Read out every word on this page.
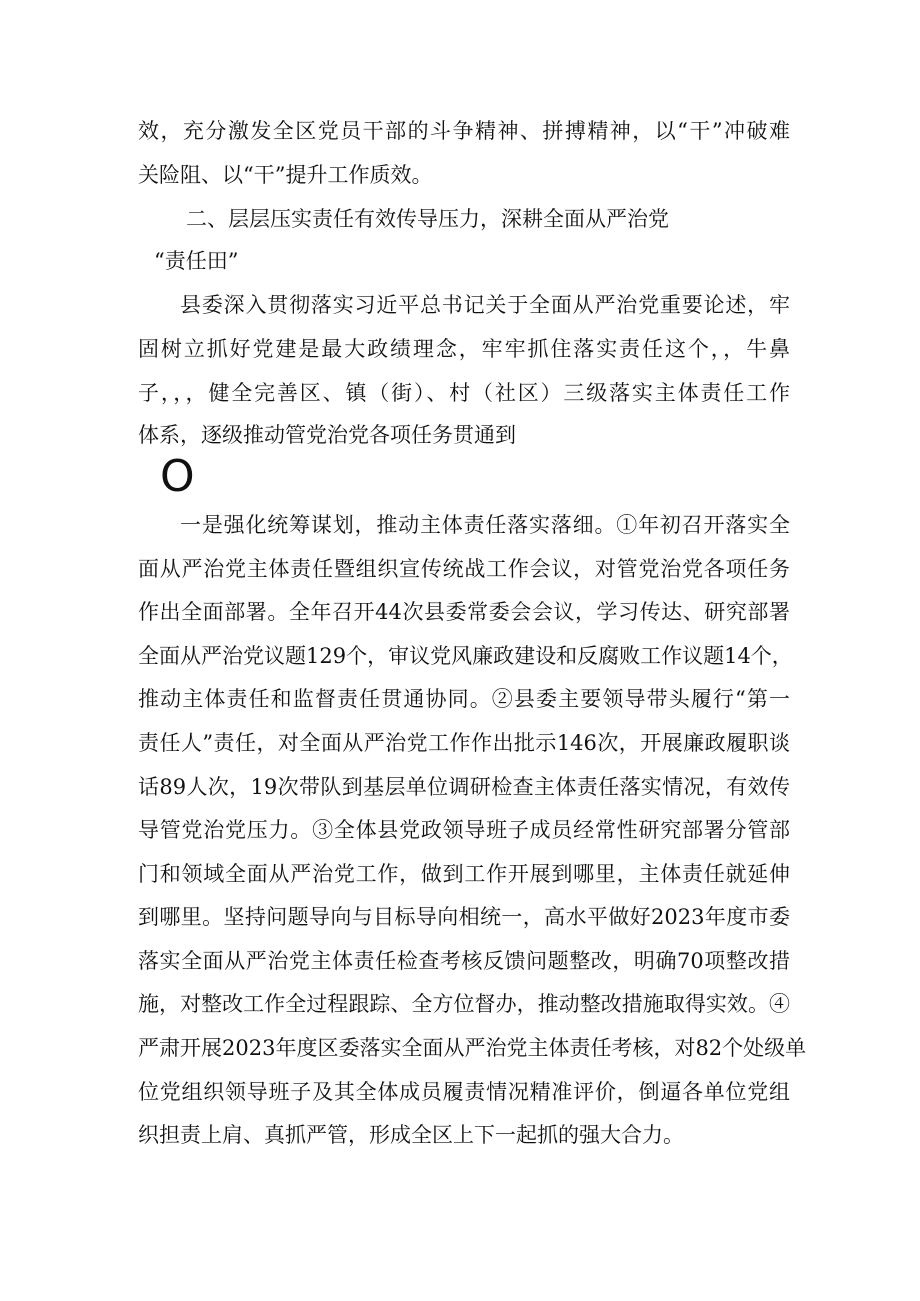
效，充分激发全区党员干部的斗争精神、拼搏精神，以“干”冲破难
关险阻、以“干”提升工作质效。
二、层层压实责任有效传导压力，深耕全面从严治党
“责任田”
县委深入贯彻落实习近平总书记关于全面从严治党重要论述，牢
固树立抓好党建是最大政绩理念，牢牢抓住落实责任这个，，牛鼻
子，，，健全完善区、镇（街）、村（社区）三级落实主体责任工作
体系，逐级推动管党治党各项任务贯通到
O
一是强化统筹谋划，推动主体责任落实落细。①年初召开落实全
面从严治党主体责任暨组织宣传统战工作会议，对管党治党各项任务
作出全面部署。全年召开44次县委常委会会议，学习传达、研究部署
全面从严治党议题129个，审议党风廉政建设和反腐败工作议题14个，
推动主体责任和监督责任贯通协同。②县委主要领导带头履行“第一
责任人”责任，对全面从严治党工作作出批示146次，开展廉政履职谈
话89人次，19次带队到基层单位调研检查主体责任落实情况，有效传
导管党治党压力。③全体县党政领导班子成员经常性研究部署分管部
门和领域全面从严治党工作，做到工作开展到哪里，主体责任就延伸
到哪里。坚持问题导向与目标导向相统一，高水平做好2023年度市委
落实全面从严治党主体责任检查考核反馈问题整改，明确70项整改措
施，对整改工作全过程跟踪、全方位督办，推动整改措施取得实效。④
严肃开展2023年度区委落实全面从严治党主体责任考核，对82个处级单
位党组织领导班子及其全体成员履责情况精准评价，倒逼各单位党组
织担责上肩、真抓严管，形成全区上下一起抓的强大合力。
